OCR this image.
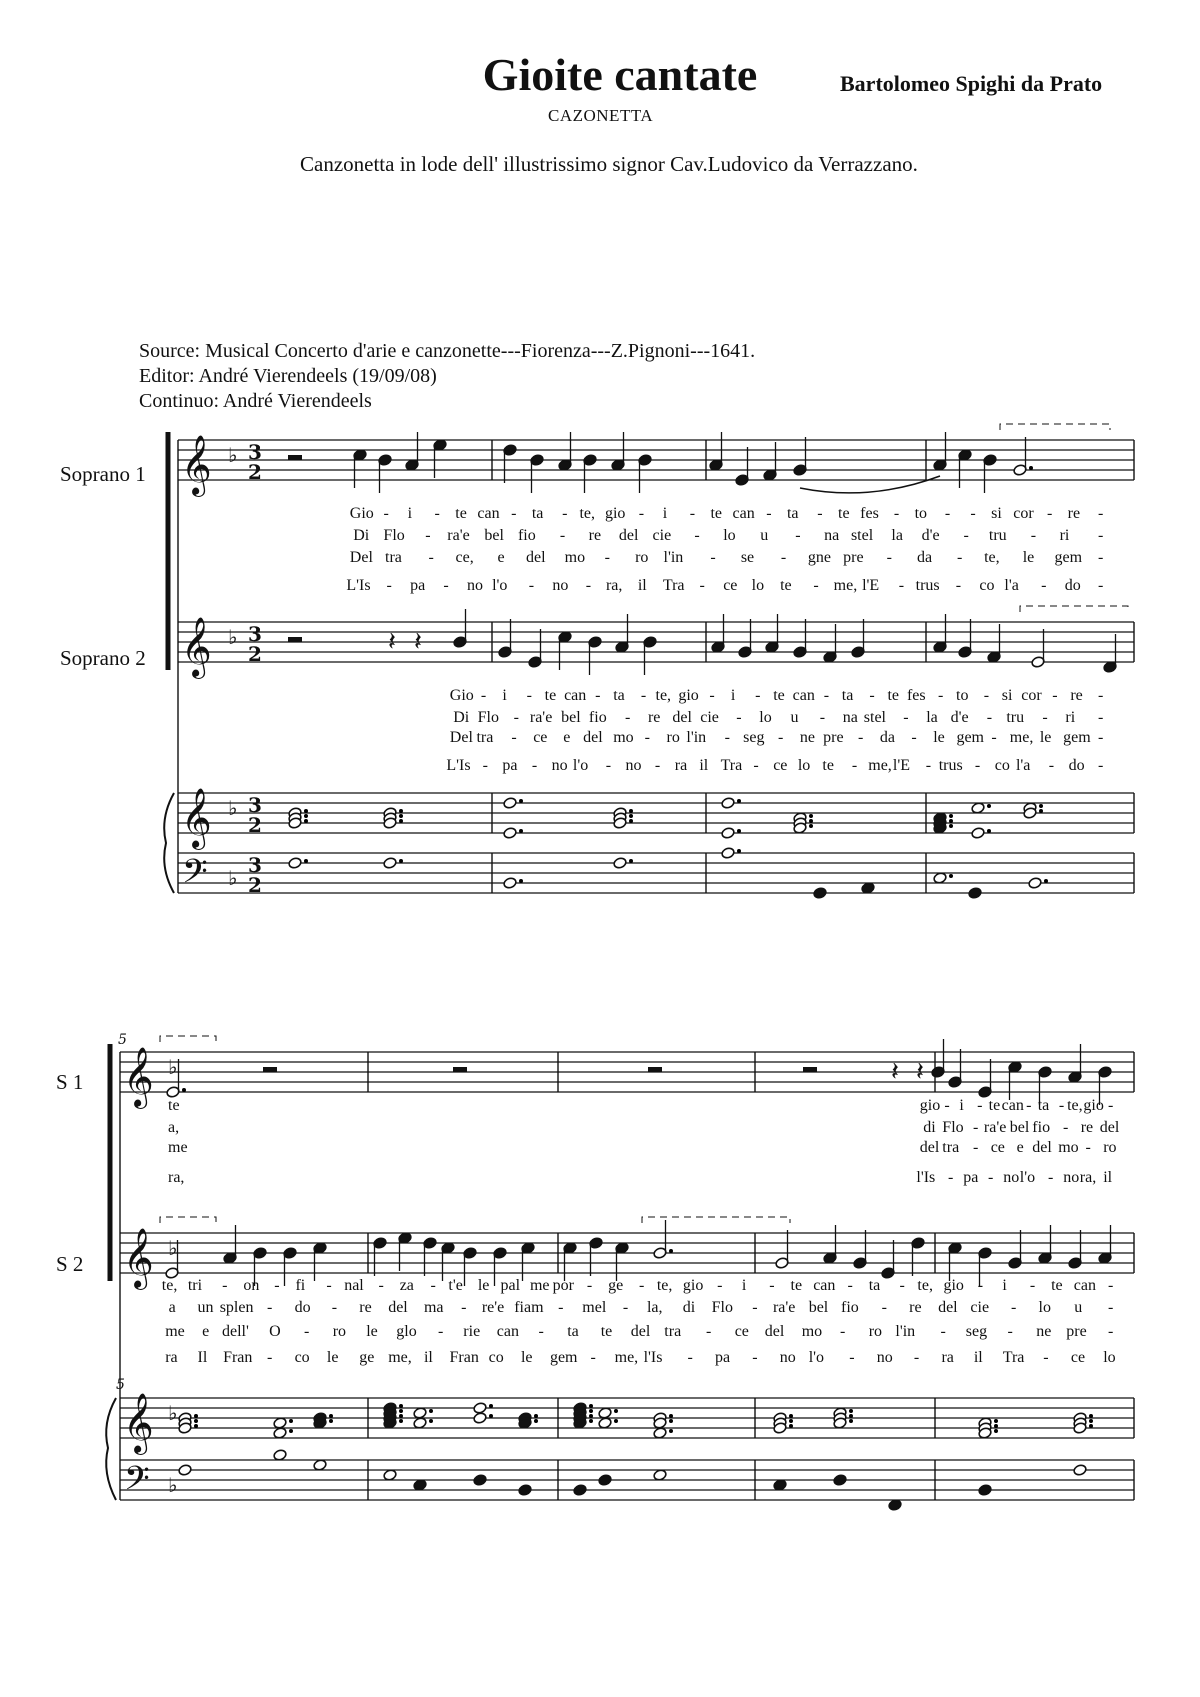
Gioite cantate
CAZONETTA
Bartolomeo Spighi da Prato
Canzonetta in lode dell' illustrissimo signor Cav.Ludovico da Verrazzano.
Source: Musical Concerto d'arie e canzonette---Fiorenza---Z.Pignoni---1641.
Editor: André Vierendeels (19/09/08)
Continuo: André Vierendeels
Soprano 1
Soprano 2
S 1
S 2
𝄞 ♭ 3
2
𝄞 ♭ 3
2
𝄞 ♭ 3
2
𝄢 ♭
3
2
𝄽 𝄽
𝄞 ♭
𝄞 ♭
𝄞 ♭
𝄢 ♭
5
5
𝄽 𝄽
Gio - i - te can - ta - te, gio - i - te can - ta - te fes - to - - si cor - re -
Di Flo - ra'e bel fio - re del cie - lo u - na stel la d'e - tru - ri -
Del tra - ce, e del mo - ro l'in - se - gne pre - da - te, le gem -
L'Is - pa - no l'o - no - ra, il Tra - ce lo te - me, l'E - trus - co l'a - do -
Gio - i - te can - ta - te, gio - i - te can - ta - te fes - to - si cor - re -
Di Flo - ra'e bel fio - re del cie - lo u - na stel - la d'e - tru - ri -
Del tra - ce e del mo - ro l'in - seg - ne pre - da - le gem - me, le gem -
L'Is - pa - no l'o - no - ra il Tra - ce lo te - me, l'E - trus - co l'a - do -
te
a,
me
ra,
gio - i - te can - ta - te, gio -
di Flo - ra'e bel fio - re del
del tra - ce e del mo - ro
l'Is - pa - no l'o - no ra, il
te, tri - on - fi - nal - za - t'e le pal me por - ge - te, gio - i - te can - ta - te, gio - i - te can -
a un splen - do - re del ma - re'e fiam - mel - la, di Flo - ra'e bel fio - re del cie - lo u -
me e dell' O - ro le glo - rie can - ta te del tra - ce del mo - ro l'in - seg - ne pre -
ra Il Fran - co le ge me, il Fran co le gem - me, l'Is - pa - no l'o - no - ra il Tra - ce lo
